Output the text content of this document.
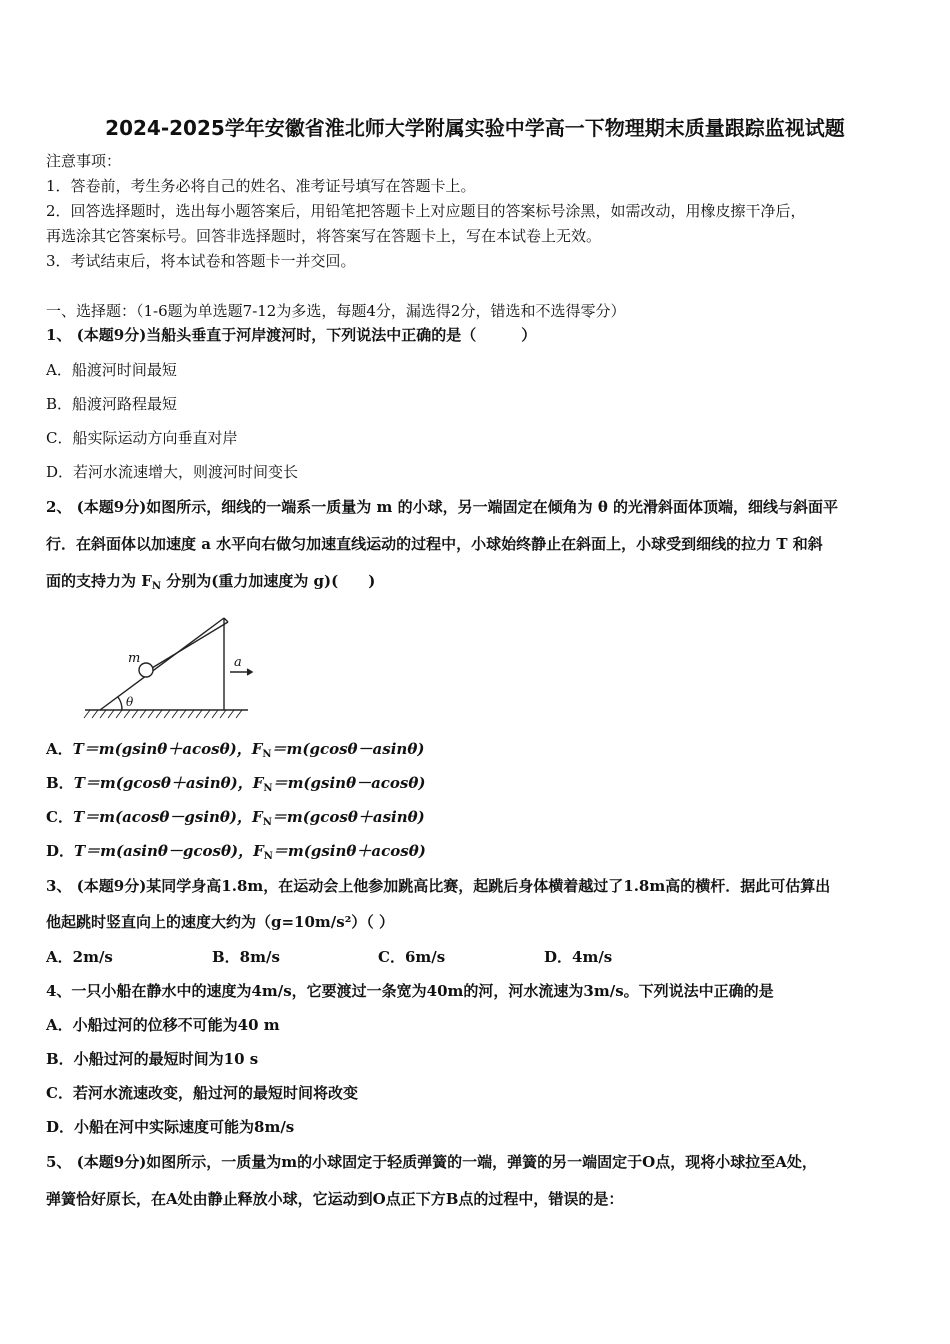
2024-2025学年安徽省淮北师大学附属实验中学高一下物理期末质量跟踪监视试题
注意事项：
1．答卷前，考生务必将自己的姓名、准考证号填写在答题卡上。
2．回答选择题时，选出每小题答案后，用铅笔把答题卡上对应题目的答案标号涂黑，如需改动，用橡皮擦干净后，
再选涂其它答案标号。回答非选择题时，将答案写在答题卡上，写在本试卷上无效。
3．考试结束后，将本试卷和答题卡一并交回。
一、选择题：（1-6题为单选题7-12为多选，每题4分，漏选得2分，错选和不选得零分）
1、 (本题9分)当船头垂直于河岸渡河时，下列说法中正确的是（　　　）
A．船渡河时间最短
B．船渡河路程最短
C．船实际运动方向垂直对岸
D．若河水流速增大，则渡河时间变长
2、 (本题9分)如图所示，细线的一端系一质量为 m 的小球，另一端固定在倾角为 θ 的光滑斜面体顶端，细线与斜面平
行．在斜面体以加速度 a 水平向右做匀加速直线运动的过程中，小球始终静止在斜面上，小球受到细线的拉力 T 和斜
面的支持力为 $F_N$ 分别为(重力加速度为 g)(　　)
m
θ
a
A．T＝m(gsinθ＋acosθ)，$F_N=m(gcos\theta-asin\theta)$
B．T＝m(gcosθ＋asinθ)，$F_N=m(gsin\theta-acos\theta)$
C．T＝m(acosθ－gsinθ)，$F_N=m(gcos\theta+asin\theta)$
D．T＝m(asinθ－gcosθ)，$F_N=m(gsin\theta+acos\theta)$
3、 (本题9分)某同学身高1.8m，在运动会上他参加跳高比赛，起跳后身体横着越过了1.8m高的横杆．据此可估算出
他起跳时竖直向上的速度大约为（g=10m/s²）（ ）
A．2m/s	B．8m/s	C．6m/s	D．4m/s
4、一只小船在静水中的速度为4m/s，它要渡过一条宽为40m的河，河水流速为3m/s。下列说法中正确的是
A．小船过河的位移不可能为40 m
B．小船过河的最短时间为10 s
C．若河水流速改变，船过河的最短时间将改变
D．小船在河中实际速度可能为8m/s
5、 (本题9分)如图所示，一质量为m的小球固定于轻质弹簧的一端，弹簧的另一端固定于O点，现将小球拉至A处，
弹簧恰好原长，在A处由静止释放小球，它运动到O点正下方B点的过程中，错误的是：
